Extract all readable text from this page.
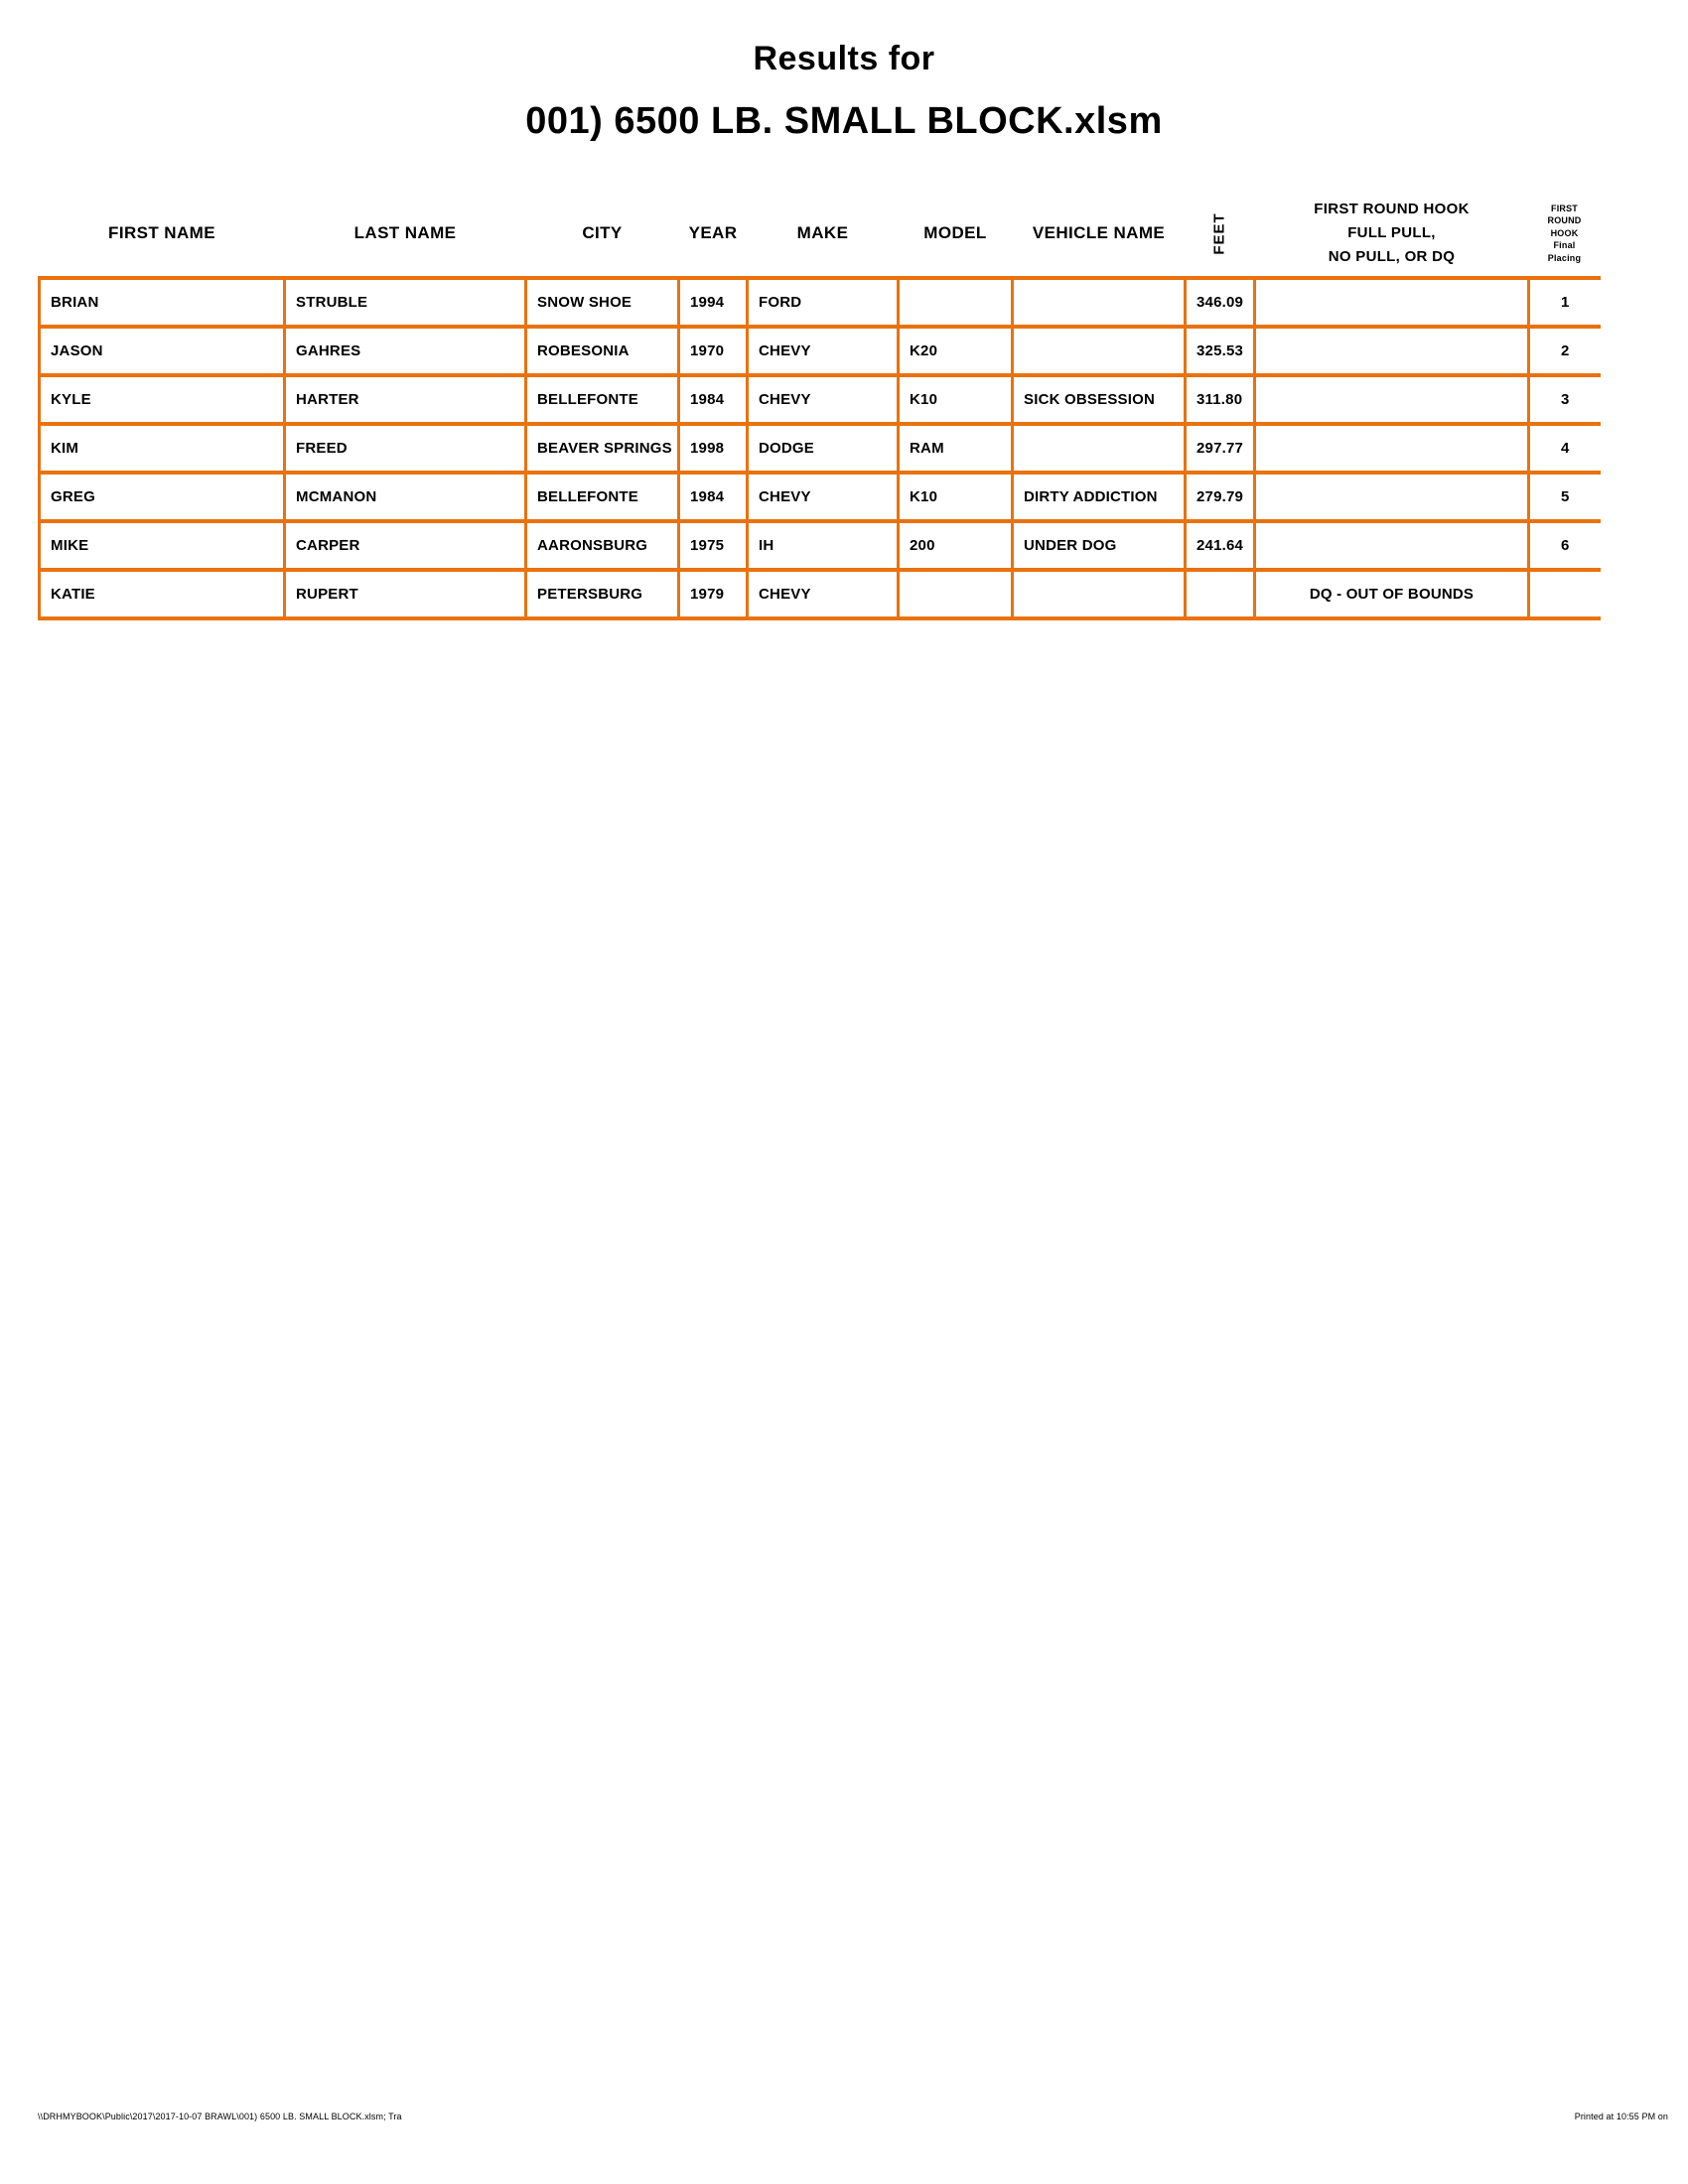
Results for
001) 6500 LB. SMALL BLOCK.xlsm
FIRST NAME	LAST NAME	CITY	YEAR	MAKE	MODEL	VEHICLE NAME	FEET	FIRST ROUND HOOK
FULL PULL,
NO PULL, OR DQ	FIRST
ROUND
HOOK
Final
Placing
BRIAN	STRUBLE	SNOW SHOE	1994	FORD			346.09		1
JASON	GAHRES	ROBESONIA	1970	CHEVY	K20		325.53		2
KYLE	HARTER	BELLEFONTE	1984	CHEVY	K10	SICK OBSESSION	311.80		3
KIM	FREED	BEAVER SPRINGS	1998	DODGE	RAM		297.77		4
GREG	MCMANON	BELLEFONTE	1984	CHEVY	K10	DIRTY ADDICTION	279.79		5
MIKE	CARPER	AARONSBURG	1975	IH	200	UNDER DOG	241.64		6
KATIE	RUPERT	PETERSBURG	1979	CHEVY				DQ - OUT OF BOUNDS	
\\DRHMYBOOK\Public\2017\2017-10-07 BRAWL\001) 6500 LB. SMALL BLOCK.xlsm; Tra	Printed at 10:55 PM on
